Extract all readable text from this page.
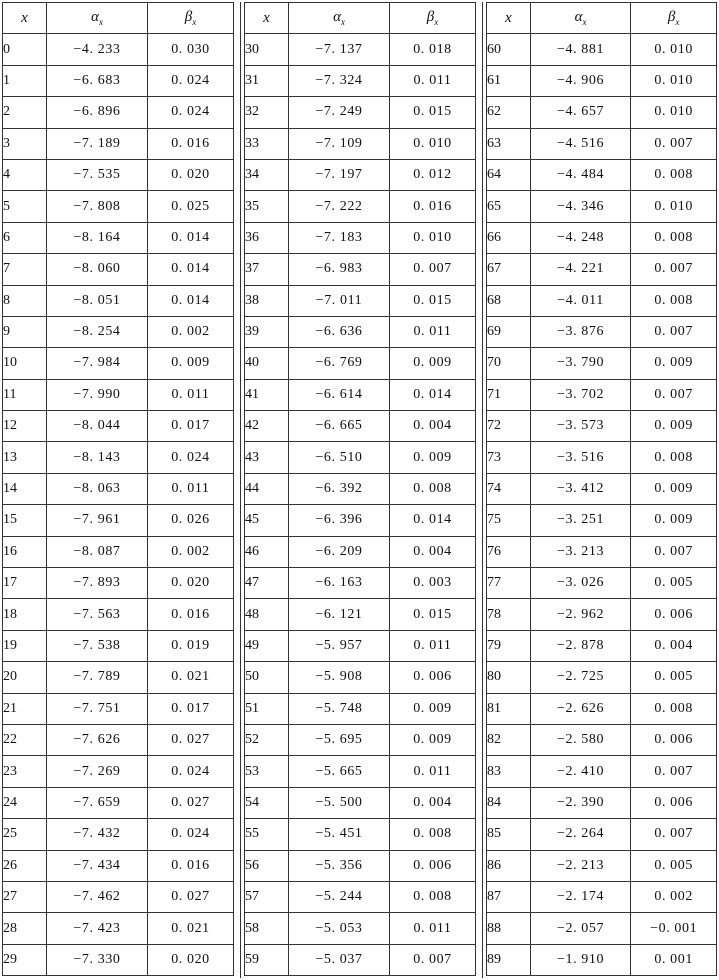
x	$\alpha_x$	$\beta_x$
0	−4. 233	0. 030
1	−6. 683	0. 024
2	−6. 896	0. 024
3	−7. 189	0. 016
4	−7. 535	0. 020
5	−7. 808	0. 025
6	−8. 164	0. 014
7	−8. 060	0. 014
8	−8. 051	0. 014
9	−8. 254	0. 002
10	−7. 984	0. 009
11	−7. 990	0. 011
12	−8. 044	0. 017
13	−8. 143	0. 024
14	−8. 063	0. 011
15	−7. 961	0. 026
16	−8. 087	0. 002
17	−7. 893	0. 020
18	−7. 563	0. 016
19	−7. 538	0. 019
20	−7. 789	0. 021
21	−7. 751	0. 017
22	−7. 626	0. 027
23	−7. 269	0. 024
24	−7. 659	0. 027
25	−7. 432	0. 024
26	−7. 434	0. 016
27	−7. 462	0. 027
28	−7. 423	0. 021
29	−7. 330	0. 020
x	$\alpha_x$	$\beta_x$
30	−7. 137	0. 018
31	−7. 324	0. 011
32	−7. 249	0. 015
33	−7. 109	0. 010
34	−7. 197	0. 012
35	−7. 222	0. 016
36	−7. 183	0. 010
37	−6. 983	0. 007
38	−7. 011	0. 015
39	−6. 636	0. 011
40	−6. 769	0. 009
41	−6. 614	0. 014
42	−6. 665	0. 004
43	−6. 510	0. 009
44	−6. 392	0. 008
45	−6. 396	0. 014
46	−6. 209	0. 004
47	−6. 163	0. 003
48	−6. 121	0. 015
49	−5. 957	0. 011
50	−5. 908	0. 006
51	−5. 748	0. 009
52	−5. 695	0. 009
53	−5. 665	0. 011
54	−5. 500	0. 004
55	−5. 451	0. 008
56	−5. 356	0. 006
57	−5. 244	0. 008
58	−5. 053	0. 011
59	−5. 037	0. 007
x	$\alpha_x$	$\beta_x$
60	−4. 881	0. 010
61	−4. 906	0. 010
62	−4. 657	0. 010
63	−4. 516	0. 007
64	−4. 484	0. 008
65	−4. 346	0. 010
66	−4. 248	0. 008
67	−4. 221	0. 007
68	−4. 011	0. 008
69	−3. 876	0. 007
70	−3. 790	0. 009
71	−3. 702	0. 007
72	−3. 573	0. 009
73	−3. 516	0. 008
74	−3. 412	0. 009
75	−3. 251	0. 009
76	−3. 213	0. 007
77	−3. 026	0. 005
78	−2. 962	0. 006
79	−2. 878	0. 004
80	−2. 725	0. 005
81	−2. 626	0. 008
82	−2. 580	0. 006
83	−2. 410	0. 007
84	−2. 390	0. 006
85	−2. 264	0. 007
86	−2. 213	0. 005
87	−2. 174	0. 002
88	−2. 057	−0. 001
89	−1. 910	0. 001
